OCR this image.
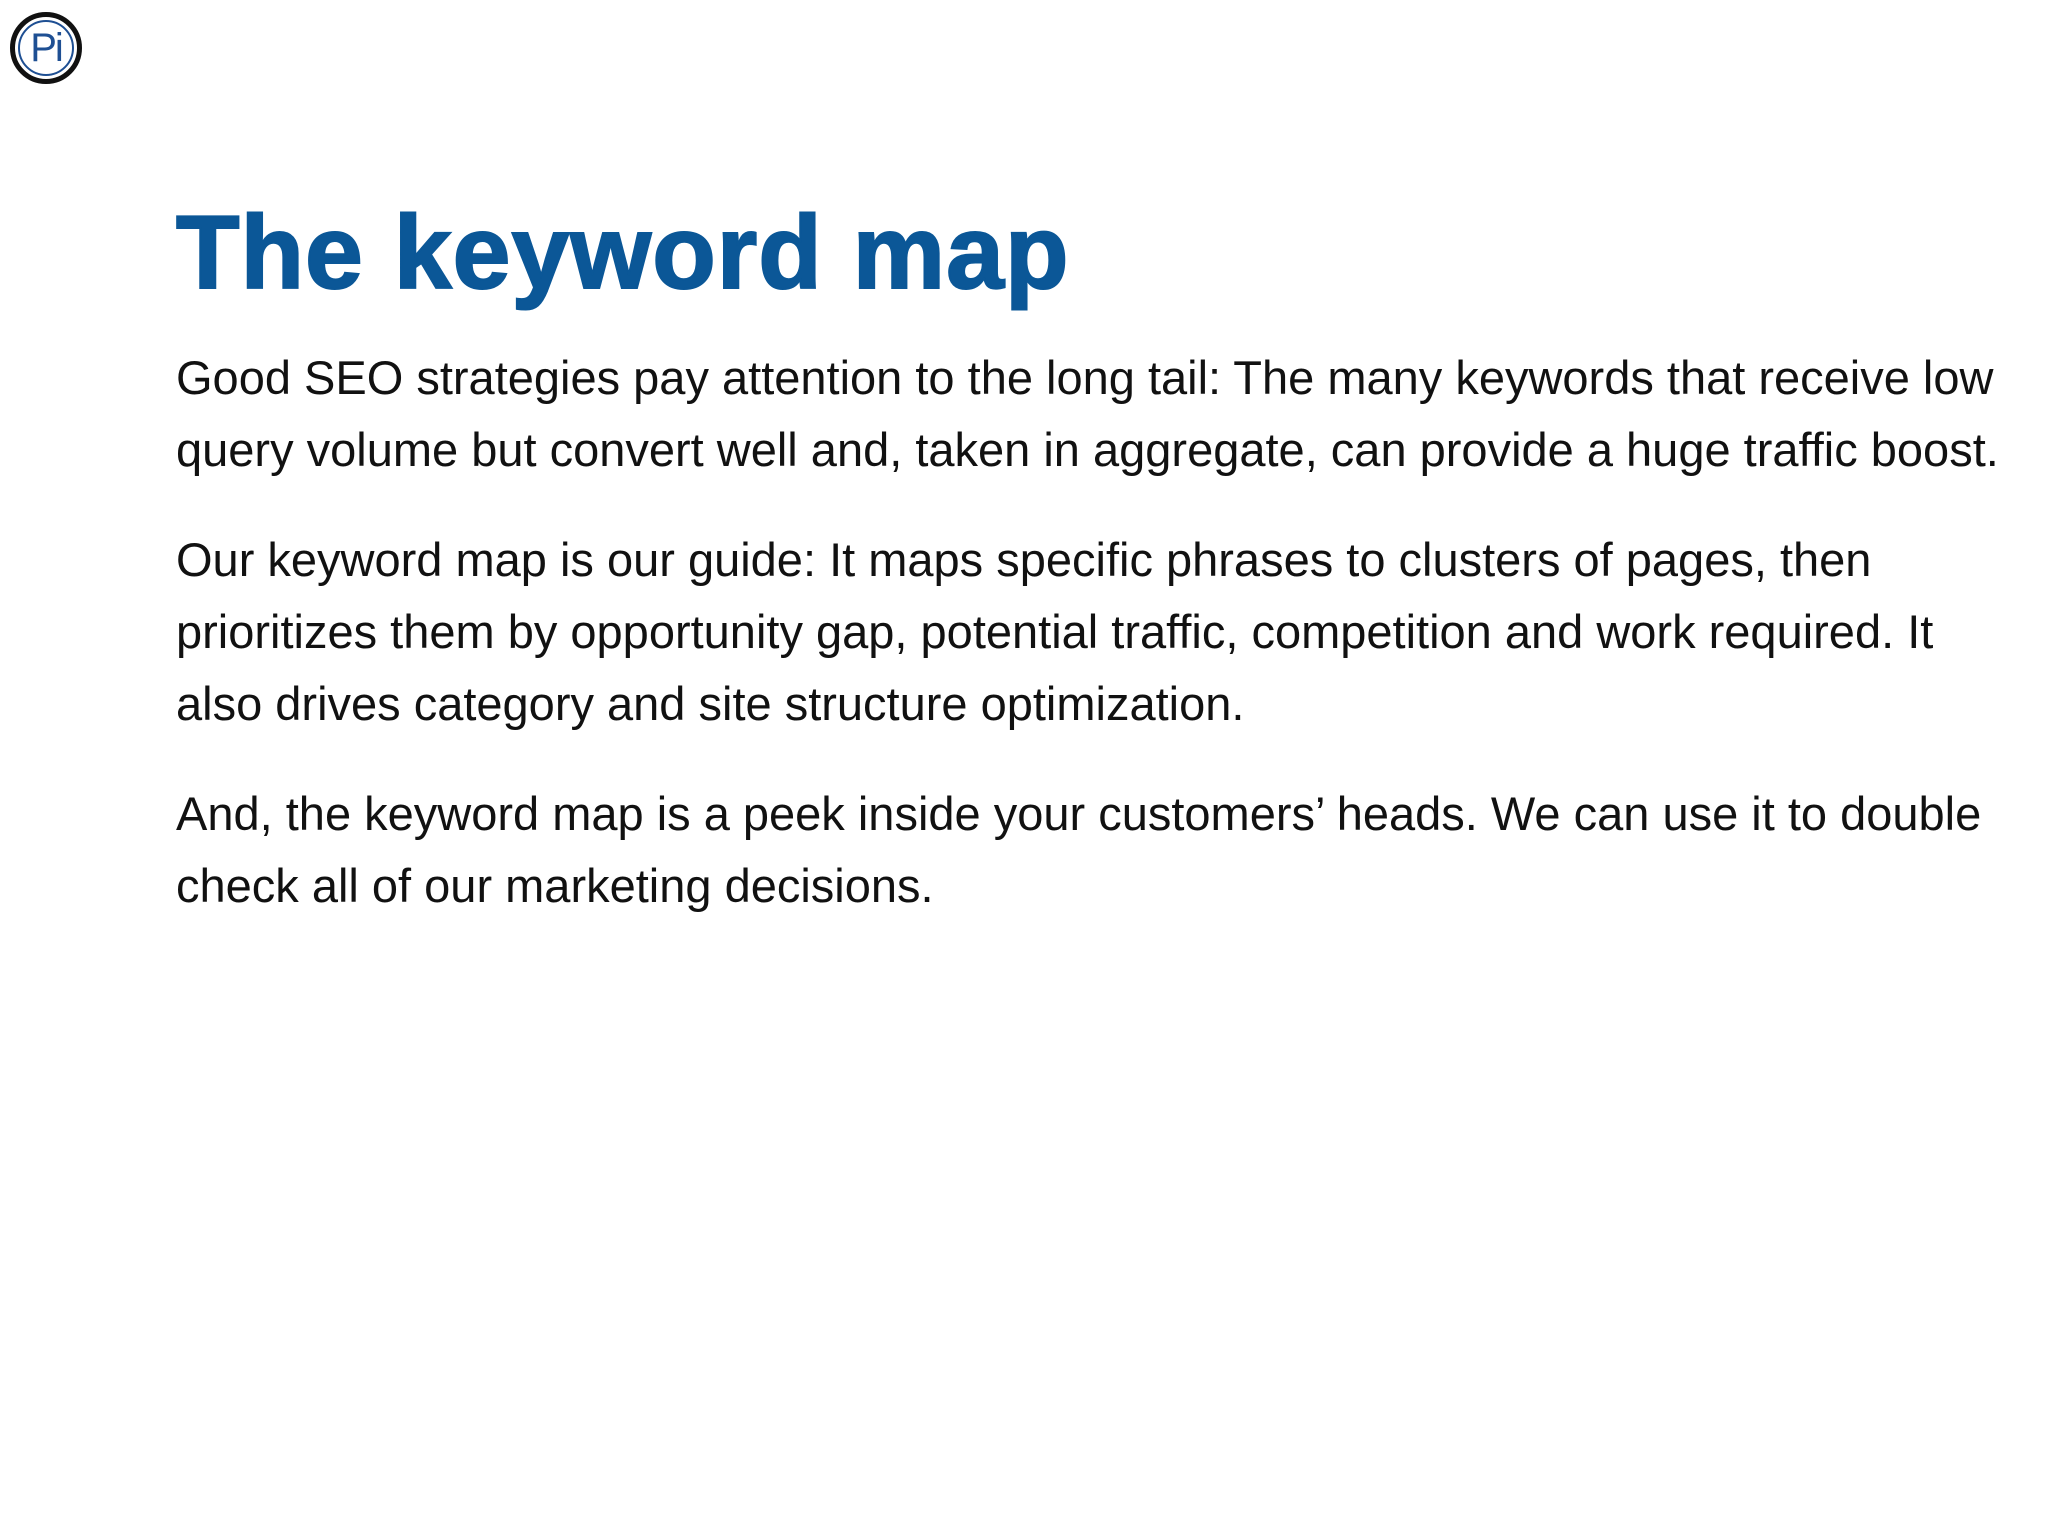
Pi
The keyword map

Good SEO strategies pay attention to the long tail: The many keywords that receive low query volume but convert well and, taken in aggregate, can provide a huge traffic boost.

Our keyword map is our guide: It maps specific phrases to clusters of pages, then prioritizes them by opportunity gap, potential traffic, competition and work required. It also drives category and site structure optimization.

And, the keyword map is a peek inside your customers’ heads. We can use it to double check all of our marketing decisions.
